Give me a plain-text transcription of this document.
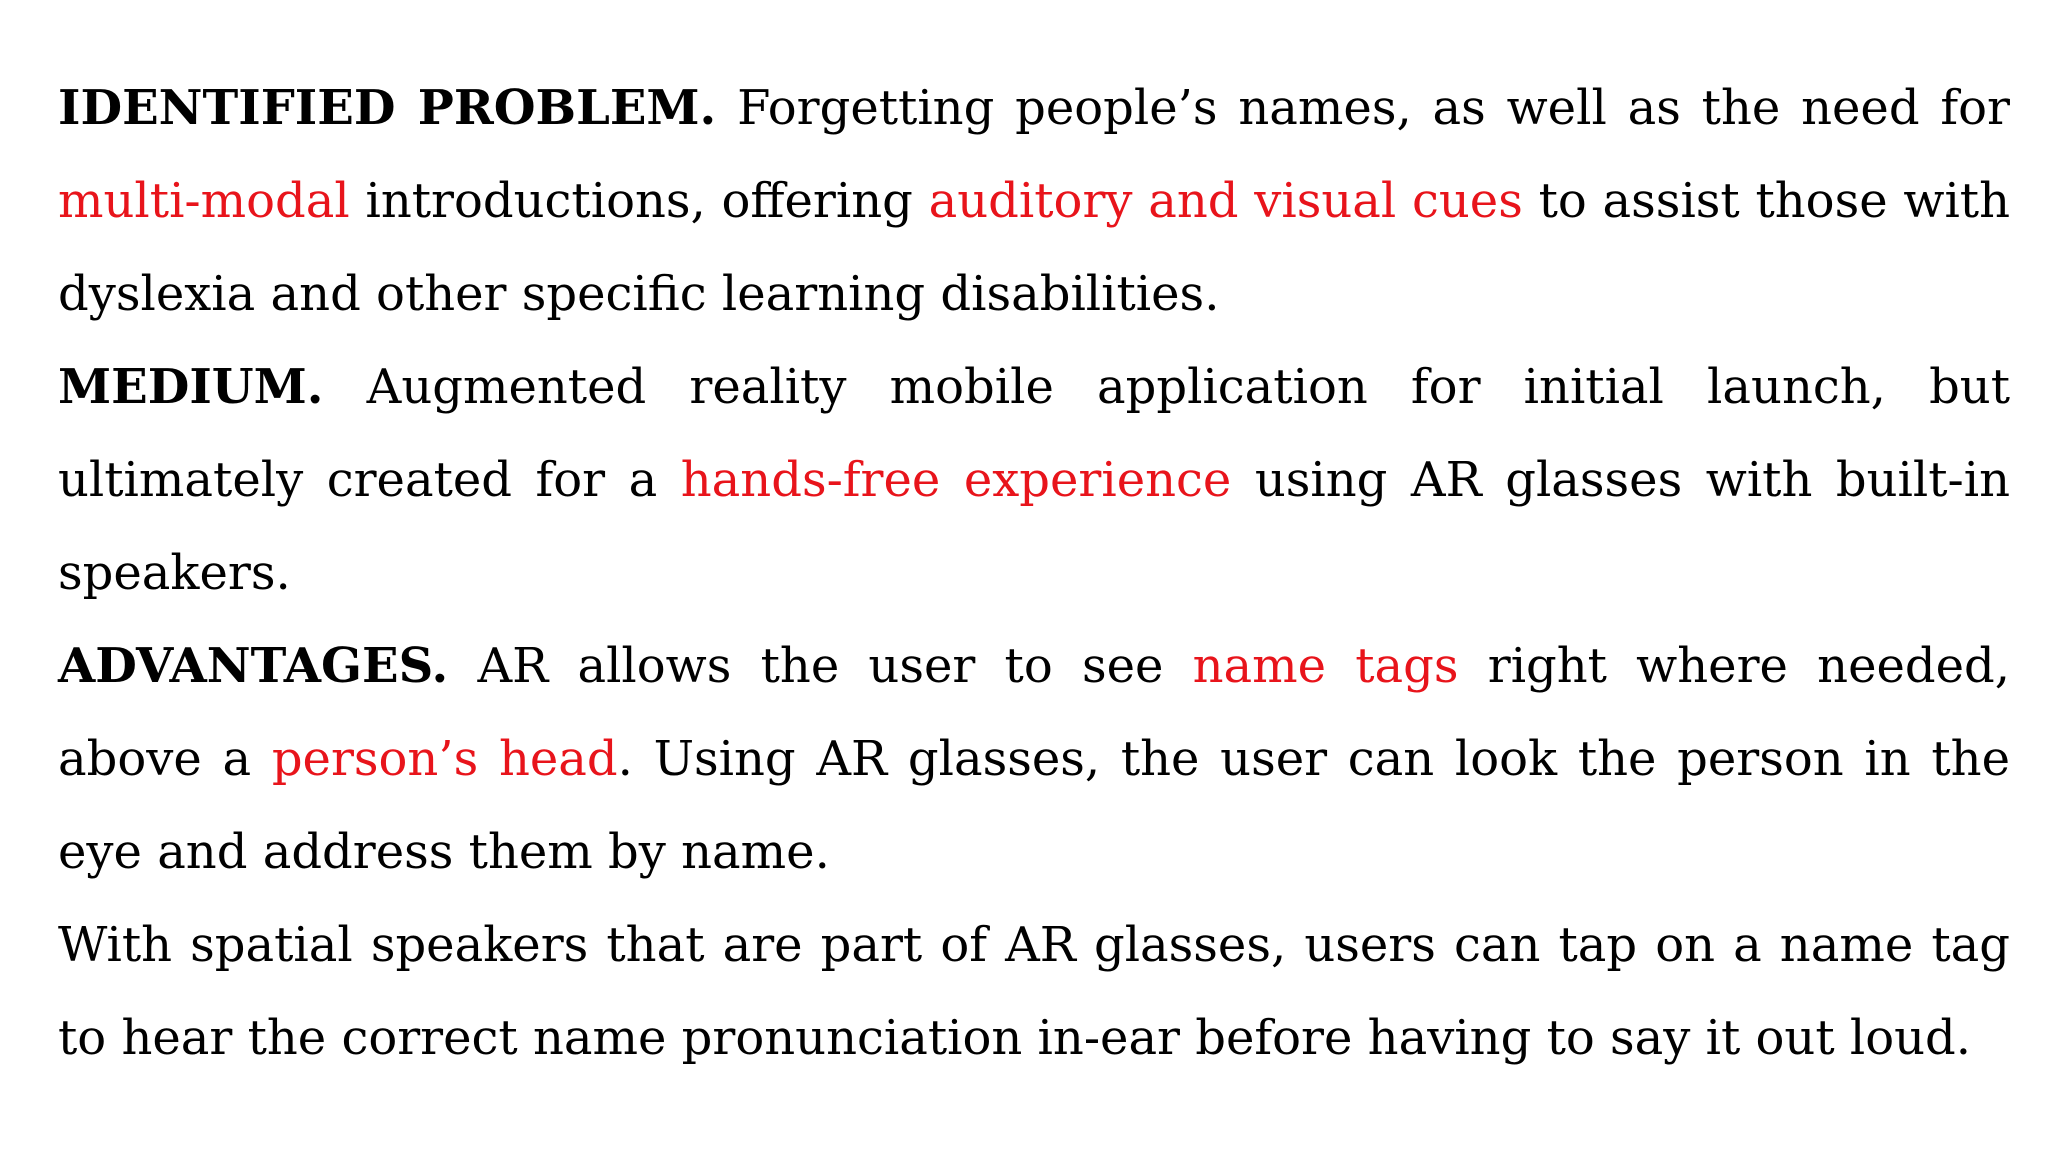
IDENTIFIED PROBLEM. Forgetting people’s names, as well as the need for multi-modal introductions, offering auditory and visual cues to assist those with dyslexia and other specific learning disabilities.

MEDIUM. Augmented reality mobile application for initial launch, but ultimately created for a hands-free experience using AR glasses with built-in speakers.

ADVANTAGES. AR allows the user to see name tags right where needed, above a person’s head. Using AR glasses, the user can look the person in the eye and address them by name.

With spatial speakers that are part of AR glasses, users can tap on a name tag to hear the correct name pronunciation in-ear before having to say it out loud.
